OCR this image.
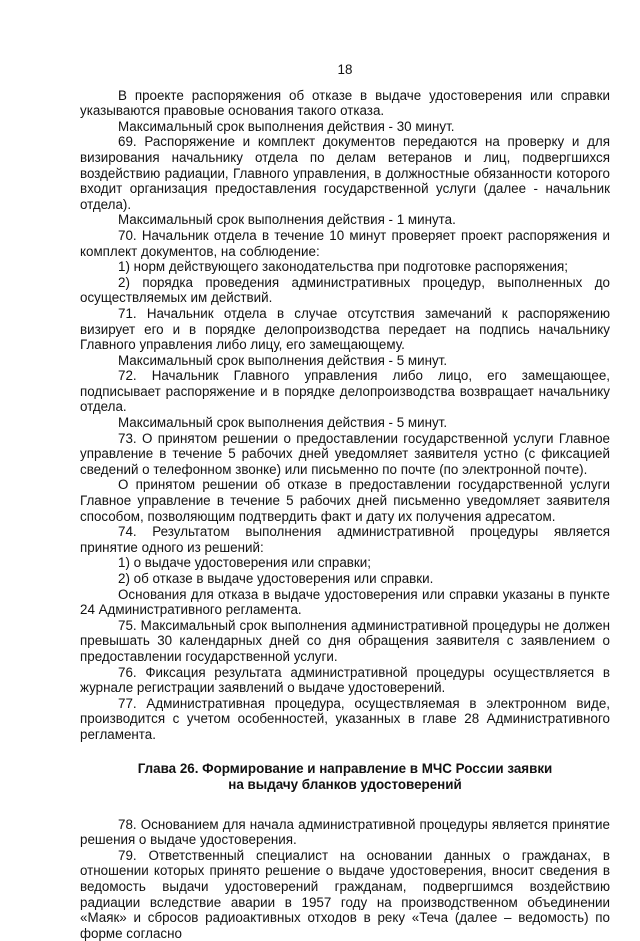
18

В проекте распоряжения об отказе в выдаче удостоверения или справки указываются правовые основания такого отказа.

Максимальный срок выполнения действия - 30 минут.

69. Распоряжение и комплект документов передаются на проверку и для визирования начальнику отдела по делам ветеранов и лиц, подвергшихся воздействию радиации, Главного управления, в должностные обязанности которого входит организация предоставления государственной услуги (далее - начальник отдела).

Максимальный срок выполнения действия - 1 минута.

70. Начальник отдела в течение 10 минут проверяет проект распоряжения и комплект документов, на соблюдение:

1) норм действующего законодательства при подготовке распоряжения;

2) порядка проведения административных процедур, выполненных до осуществляемых им действий.

71. Начальник отдела в случае отсутствия замечаний к распоряжению визирует его и в порядке делопроизводства передает на подпись начальнику Главного управления либо лицу, его замещающему.

Максимальный срок выполнения действия - 5 минут.

72. Начальник Главного управления либо лицо, его замещающее, подписывает распоряжение и в порядке делопроизводства возвращает начальнику отдела.

Максимальный срок выполнения действия - 5 минут.

73. О принятом решении о предоставлении государственной услуги Главное управление в течение 5 рабочих дней уведомляет заявителя устно (с фиксацией сведений о телефонном звонке) или письменно по почте (по электронной почте).

О принятом решении об отказе в предоставлении государственной услуги Главное управление в течение 5 рабочих дней письменно уведомляет заявителя способом, позволяющим подтвердить факт и дату их получения адресатом.

74. Результатом выполнения административной процедуры является принятие одного из решений:

1) о выдаче удостоверения или справки;

2) об отказе в выдаче удостоверения или справки.

Основания для отказа в выдаче удостоверения или справки указаны в пункте 24 Административного регламента.

75. Максимальный срок выполнения административной процедуры не должен превышать 30 календарных дней со дня обращения заявителя с заявлением о предоставлении государственной услуги.

76. Фиксация результата административной процедуры осуществляется в журнале регистрации заявлений о выдаче удостоверений.

77. Административная процедура, осуществляемая в электронном виде, производится с учетом особенностей, указанных в главе 28 Административного регламента.

Глава 26. Формирование и направление в МЧС России заявки
на выдачу бланков удостоверений

78. Основанием для начала административной процедуры является принятие решения о выдаче удостоверения.

79. Ответственный специалист на основании данных о гражданах, в отношении которых принято решение о выдаче удостоверения, вносит сведения в ведомость выдачи удостоверений гражданам, подвергшимся воздействию радиации вследствие аварии в 1957 году на производственном объединении «Маяк» и сбросов радиоактивных отходов в реку «Теча (далее – ведомость) по форме согласно
